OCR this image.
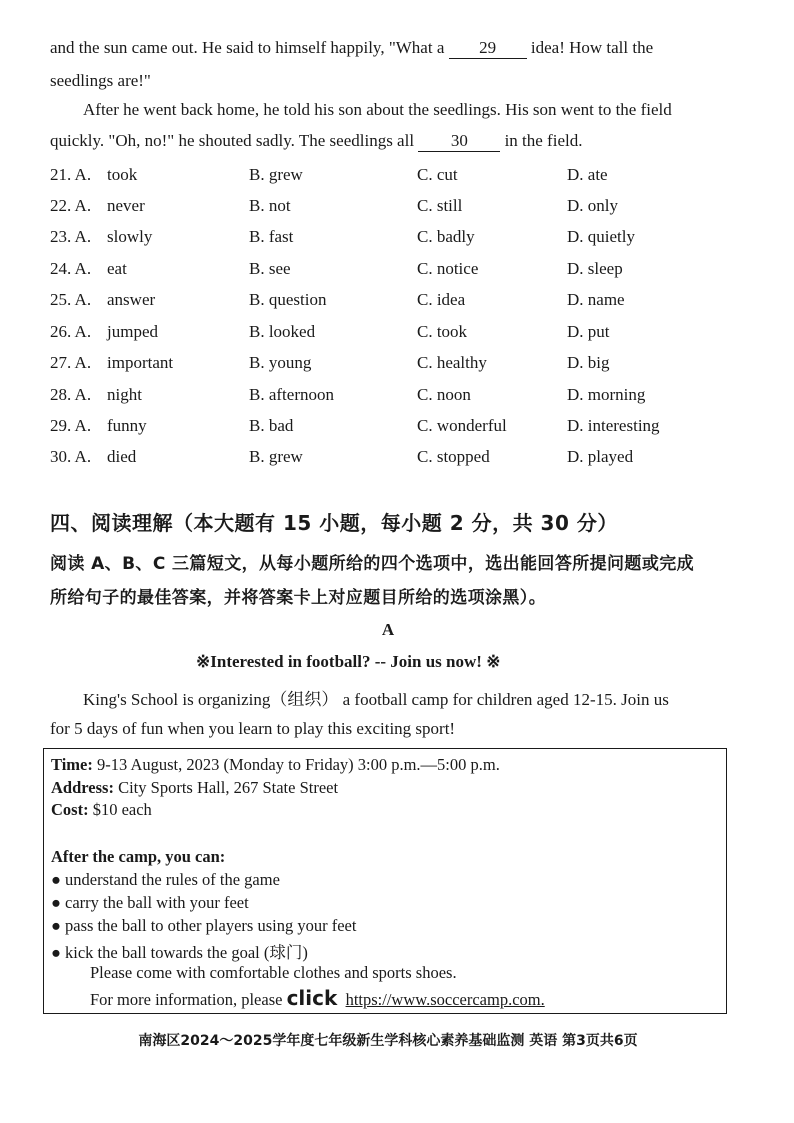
and the sun came out. He said to himself happily, "What a 29 idea! How tall the
seedlings are!"
After he went back home, he told his son about the seedlings. His son went to the field
quickly. "Oh, no!" he shouted sadly. The seedlings all 30 in the field.
21. A. took	B. grew	C. cut	D. ate
22. A. never	B. not	C. still	D. only
23. A. slowly	B. fast	C. badly	D. quietly
24. A. eat	B. see	C. notice	D. sleep
25. A. answer	B. question	C. idea	D. name
26. A. jumped	B. looked	C. took	D. put
27. A. important	B. young	C. healthy	D. big
28. A. night	B. afternoon	C. noon	D. morning
29. A. funny	B. bad	C. wonderful	D. interesting
30. A. died	B. grew	C. stopped	D. played
四、阅读理解（本大题有 15 小题，每小题 2 分，共 30 分）
阅读 A、B、C 三篇短文，从每小题所给的四个选项中，选出能回答所提问题或完成
所给句子的最佳答案，并将答案卡上对应题目所给的选项涂黑）。
A
※Interested in football? -- Join us now! ※
King's School is organizing（组织） a football camp for children aged 12-15. Join us
for 5 days of fun when you learn to play this exciting sport!
Time: 9-13 August, 2023 (Monday to Friday) 3:00 p.m.—5:00 p.m.
Address: City Sports Hall, 267 State Street
Cost: $10 each
After the camp, you can:
● understand the rules of the game
● carry the ball with your feet
● pass the ball to other players using your feet
● kick the ball towards the goal (球门)
Please come with comfortable clothes and sports shoes.
For more information, please click https://www.soccercamp.com.
南海区2024～2025学年度七年级新生学科核心素养基础监测 英语 第3页共6页
